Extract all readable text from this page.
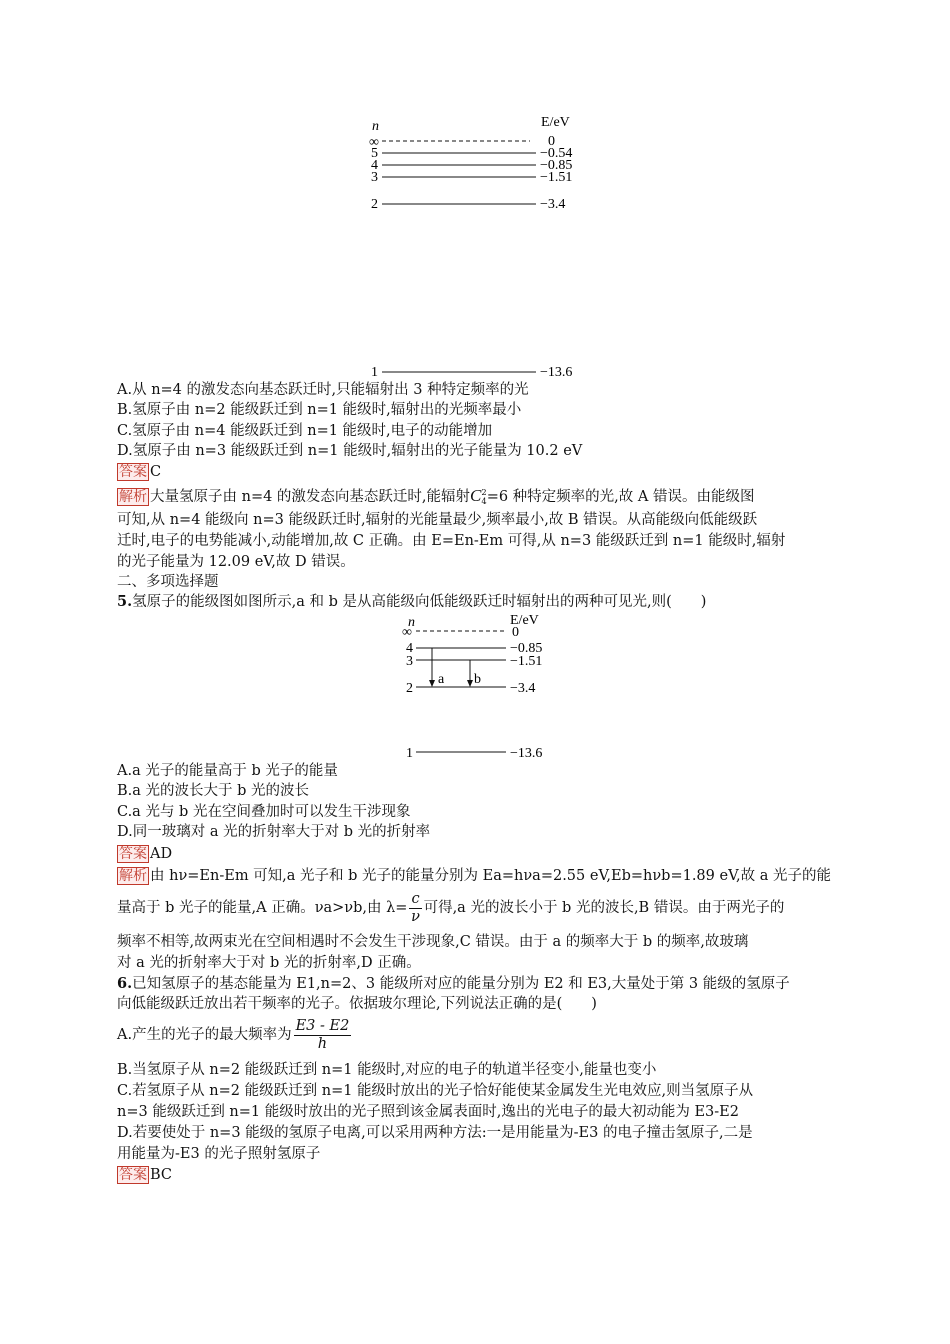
n	E/eV
∞	0
5	−0.54
4	−0.85
3	−1.51
2	−3.4
1	−13.6
A.从 n=4 的激发态向基态跃迁时,只能辐射出 3 种特定频率的光
B.氢原子由 n=2 能级跃迁到 n=1 能级时,辐射出的光频率最小
C.氢原子由 n=4 能级跃迁到 n=1 能级时,电子的动能增加
D.氢原子由 n=3 能级跃迁到 n=1 能级时,辐射出的光子能量为 10.2 eV
答案 C
解析 大量氢原子由 n=4 的激发态向基态跃迁时,能辐射C 2
4 =6 种特定频率的光,故 A 错误。由能级图
可知,从 n=4 能级向 n=3 能级跃迁时,辐射的光能量最少,频率最小,故 B 错误。从高能级向低能级跃
迁时,电子的电势能减小,动能增加,故 C 正确。由 E=En-Em 可得,从 n=3 能级跃迁到 n=1 能级时,辐射
的光子能量为 12.09 eV,故 D 错误。
二、多项选择题
5.氢原子的能级图如图所示,a 和 b 是从高能级向低能级跃迁时辐射出的两种可见光,则(　　)
n	E/eV
∞	0
4	−0.85
3	−1.51
2	−3.4
a b
1	−13.6
A.a 光子的能量高于 b 光子的能量
B.a 光的波长大于 b 光的波长
C.a 光与 b 光在空间叠加时可以发生干涉现象
D.同一玻璃对 a 光的折射率大于对 b 光的折射率
答案 AD
解析 由 hν=En-Em 可知,a 光子和 b 光子的能量分别为 Ea=hνa=2.55 eV,Eb=hνb=1.89 eV,故 a 光子的能
量高于 b 光子的能量,A 正确。νa>νb,由 $\lambda= \frac{c}{\nu}$ 可得,a 光的波长小于 b 光的波长,B 错误。由于两光子的
频率不相等,故两束光在空间相遇时不会发生干涉现象,C 错误。由于 a 的频率大于 b 的频率,故玻璃
对 a 光的折射率大于对 b 光的折射率,D 正确。
6.已知氢原子的基态能量为 E1,n=2、3 能级所对应的能量分别为 E2 和 E3,大量处于第 3 能级的氢原子
向低能级跃迁放出若干频率的光子。依据玻尔理论,下列说法正确的是(　　)
A.产生的光子的最大频率为 $\frac{E3 - E2}{h}$
B.当氢原子从 n=2 能级跃迁到 n=1 能级时,对应的电子的轨道半径变小,能量也变小
C.若氢原子从 n=2 能级跃迁到 n=1 能级时放出的光子恰好能使某金属发生光电效应,则当氢原子从
n=3 能级跃迁到 n=1 能级时放出的光子照到该金属表面时,逸出的光电子的最大初动能为 E3-E2
D.若要使处于 n=3 能级的氢原子电离,可以采用两种方法:一是用能量为-E3 的电子撞击氢原子,二是
用能量为-E3 的光子照射氢原子
答案 BC
